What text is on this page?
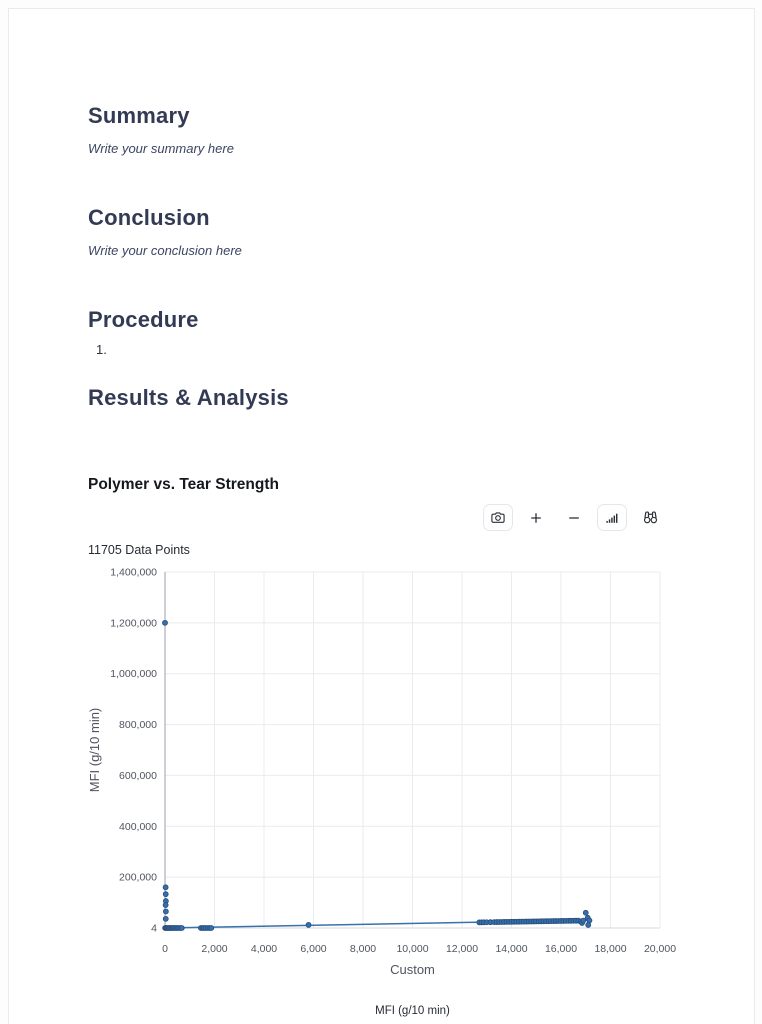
Summary

Write your summary here

Conclusion

Write your conclusion here

Procedure

1.

Results & Analysis
Polymer vs. Tear Strength
11705 Data Points
4
200,000
400,000
600,000
800,000
1,000,000
1,200,000
1,400,000
0	2,000 4,000 6,000 8,000 10,000 12,000 14,000 16,000 18,000 20,000
Custom
MFI (g/10 min)
MFI (g/10 min)
